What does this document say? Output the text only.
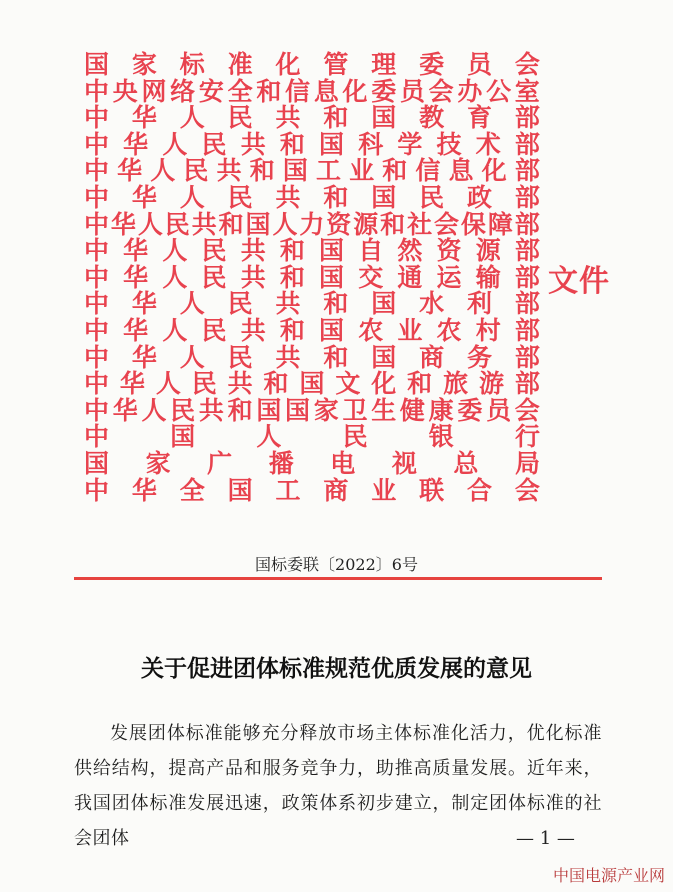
国 家 标 准 化 管 理 委 员 会
中 央 网 络 安 全 和 信 息 化 委 员 会 办 公 室
中 华 人 民 共 和 国 教 育 部
中 华 人 民 共 和 国 科 学 技 术 部
中 华 人 民 共 和 国 工 业 和 信 息 化 部
中 华 人 民 共 和 国 民 政 部
中 华 人 民 共 和 国 人 力 资 源 和 社 会 保 障 部
中 华 人 民 共 和 国 自 然 资 源 部
中 华 人 民 共 和 国 交 通 运 输 部
中 华 人 民 共 和 国 水 利 部
中 华 人 民 共 和 国 农 业 农 村 部
中 华 人 民 共 和 国 商 务 部
中 华 人 民 共 和 国 文 化 和 旅 游 部
中 华 人 民 共 和 国 国 家 卫 生 健 康 委 员 会
中 国 人 民 银 行
国 家 广 播 电 视 总 局
中 华 全 国 工 商 业 联 合 会
文件
国标委联〔2022〕6号
关于促进团体标准规范优质发展的意见

发展团体标准能够充分释放市场主体标准化活力，优化标准供给结构，提高产品和服务竞争力，助推高质量发展。近年来，我国团体标准发展迅速，政策体系初步建立，制定团体标准的社会团体	— 1 —
中国电源产业网
